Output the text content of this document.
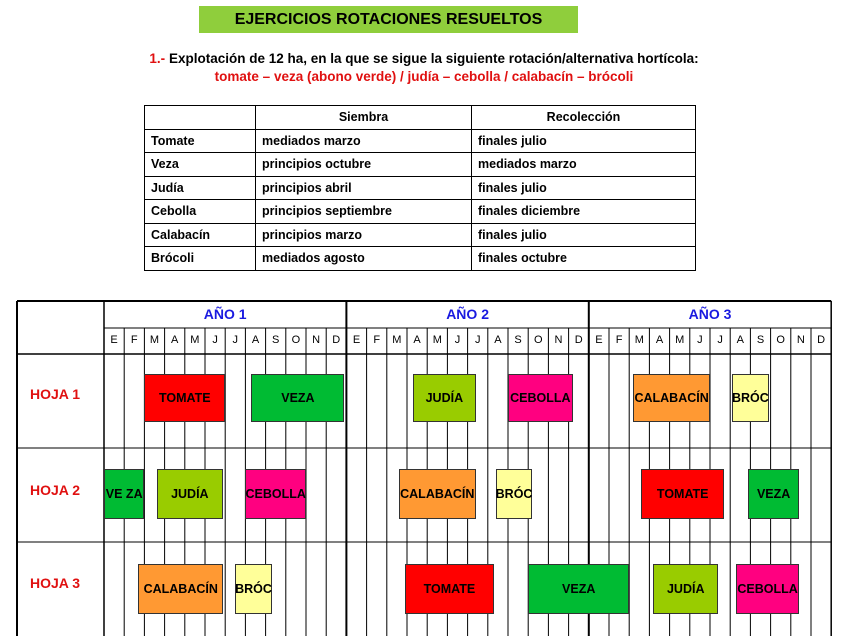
EJERCICIOS ROTACIONES RESUELTOS
1.- Explotación de 12 ha, en la que se sigue la siguiente rotación/alternativa hortícola:
tomate – veza (abono verde) / judía – cebolla / calabacín – brócoli
	Siembra	Recolección
Tomate	mediados marzo	finales julio
Veza	principios octubre	mediados marzo
Judía	principios abril	finales julio
Cebolla	principios septiembre	finales diciembre
Calabacín	principios marzo	finales julio
Brócoli	mediados agosto	finales octubre
AÑO 1	AÑO 2	AÑO 3
E	F	M	A	M	J	J	A	S	O	N	D	E	F	M	A	M	J	J	A	S	O	N	D	E	F	M	A	M	J	J	A	S	O	N	D
HOJA 1
HOJA 2
HOJA 3
TOMATE	VEZA	JUDÍA	CEBOLLA	CALABACÍN BRÓC
VE ZA	JUDÍA	CEBOLLA	CALABACÍN BRÓC	TOMATE	VEZA
CALABACÍN	BRÓC	TOMATE	VEZA	JUDÍA	CEBOLLA
